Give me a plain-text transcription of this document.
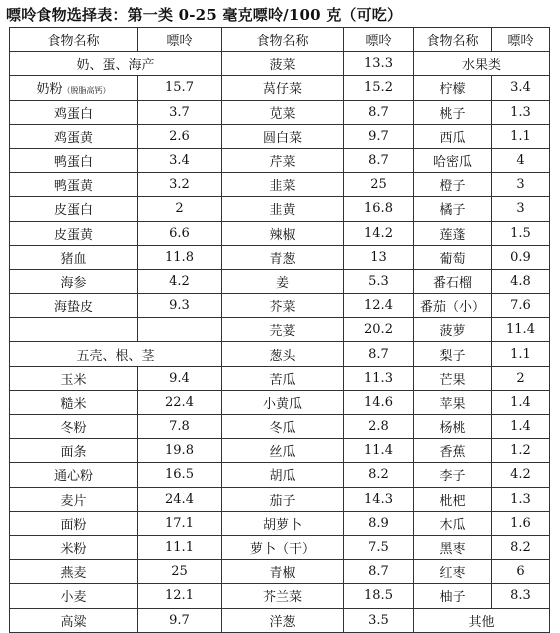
嘌呤食物选择表：第一类 0-25 毫克嘌呤/100 克（可吃）
食物名称	嘌呤	食物名称	嘌呤	食物名称	嘌呤
奶、蛋、海产		菠菜	13.3	水果类	
奶粉（脱脂高钙）	15.7	莴仔菜	15.2	柠檬	3.4
鸡蛋白	3.7	苋菜	8.7	桃子	1.3
鸡蛋黄	2.6	圆白菜	9.7	西瓜	1.1
鸭蛋白	3.4	芹菜	8.7	哈密瓜	4
鸭蛋黄	3.2	韭菜	25	橙子	3
皮蛋白	2	韭黄	16.8	橘子	3
皮蛋黄	6.6	辣椒	14.2	莲蓬	1.5
猪血	11.8	青葱	13	葡萄	0.9
海参	4.2	姜	5.3	番石榴	4.8
海蛰皮	9.3	芥菜	12.4	番茄（小）	7.6
		芫荽	20.2	菠萝	11.4
五壳、根、茎		葱头	8.7	梨子	1.1
玉米	9.4	苦瓜	11.3	芒果	2
糙米	22.4	小黄瓜	14.6	苹果	1.4
冬粉	7.8	冬瓜	2.8	杨桃	1.4
面条	19.8	丝瓜	11.4	香蕉	1.2
通心粉	16.5	胡瓜	8.2	李子	4.2
麦片	24.4	茄子	14.3	枇杷	1.3
面粉	17.1	胡萝卜	8.9	木瓜	1.6
米粉	11.1	萝卜（干）	7.5	黑枣	8.2
燕麦	25	青椒	8.7	红枣	6
小麦	12.1	芥兰菜	18.5	柚子	8.3
高粱	9.7	洋葱	3.5	其他	
